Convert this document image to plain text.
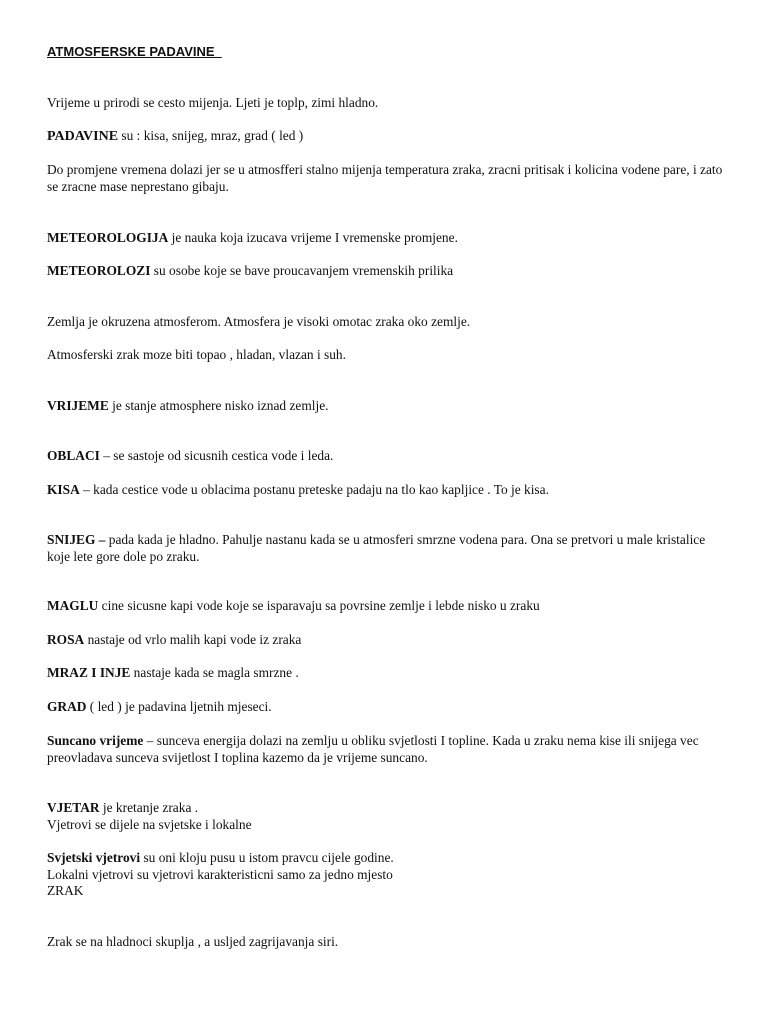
ATMOSFERSKE PADAVINE

Vrijeme u prirodi se cesto mijenja. Ljeti je toplp, zimi hladno.

PADAVINE su : kisa, snijeg, mraz, grad ( led )

Do promjene vremena dolazi jer se u atmosfferi stalno mijenja temperatura zraka, zracni pritisak i kolicina vodene pare, i zato se zracne mase neprestano gibaju.

METEOROLOGIJA je nauka koja izucava vrijeme I vremenske promjene.

METEOROLOZI su osobe koje se bave proucavanjem vremenskih prilika

Zemlja je okruzena atmosferom. Atmosfera je visoki omotac zraka oko zemlje.

Atmosferski zrak moze biti topao , hladan, vlazan i suh.

VRIJEME je stanje atmosphere nisko iznad zemlje.

OBLACI – se sastoje od sicusnih cestica vode i leda.

KISA – kada cestice vode u oblacima postanu preteske padaju na tlo kao kapljice . To je kisa.

SNIJEG – pada kada je hladno. Pahulje nastanu kada se u atmosferi smrzne vodena para. Ona se pretvori u male kristalice koje lete gore dole po zraku.

MAGLU cine sicusne kapi vode koje se isparavaju sa povrsine zemlje i lebde nisko u zraku

ROSA nastaje od vrlo malih kapi vode iz zraka

MRAZ I INJE nastaje kada se magla smrzne .

GRAD ( led ) je padavina ljetnih mjeseci.

Suncano vrijeme – sunceva energija dolazi na zemlju u obliku svjetlosti I topline. Kada u zraku nema kise ili snijega vec preovladava sunceva svijetlost I toplina kazemo da je vrijeme suncano.

VJETAR je kretanje zraka .
Vjetrovi se dijele na svjetske i lokalne

Svjetski vjetrovi su oni kloju pusu u istom pravcu cijele godine.
Lokalni vjetrovi su vjetrovi karakteristicni samo za jedno mjesto
ZRAK

Zrak se na hladnoci skuplja , a usljed zagrijavanja siri.
